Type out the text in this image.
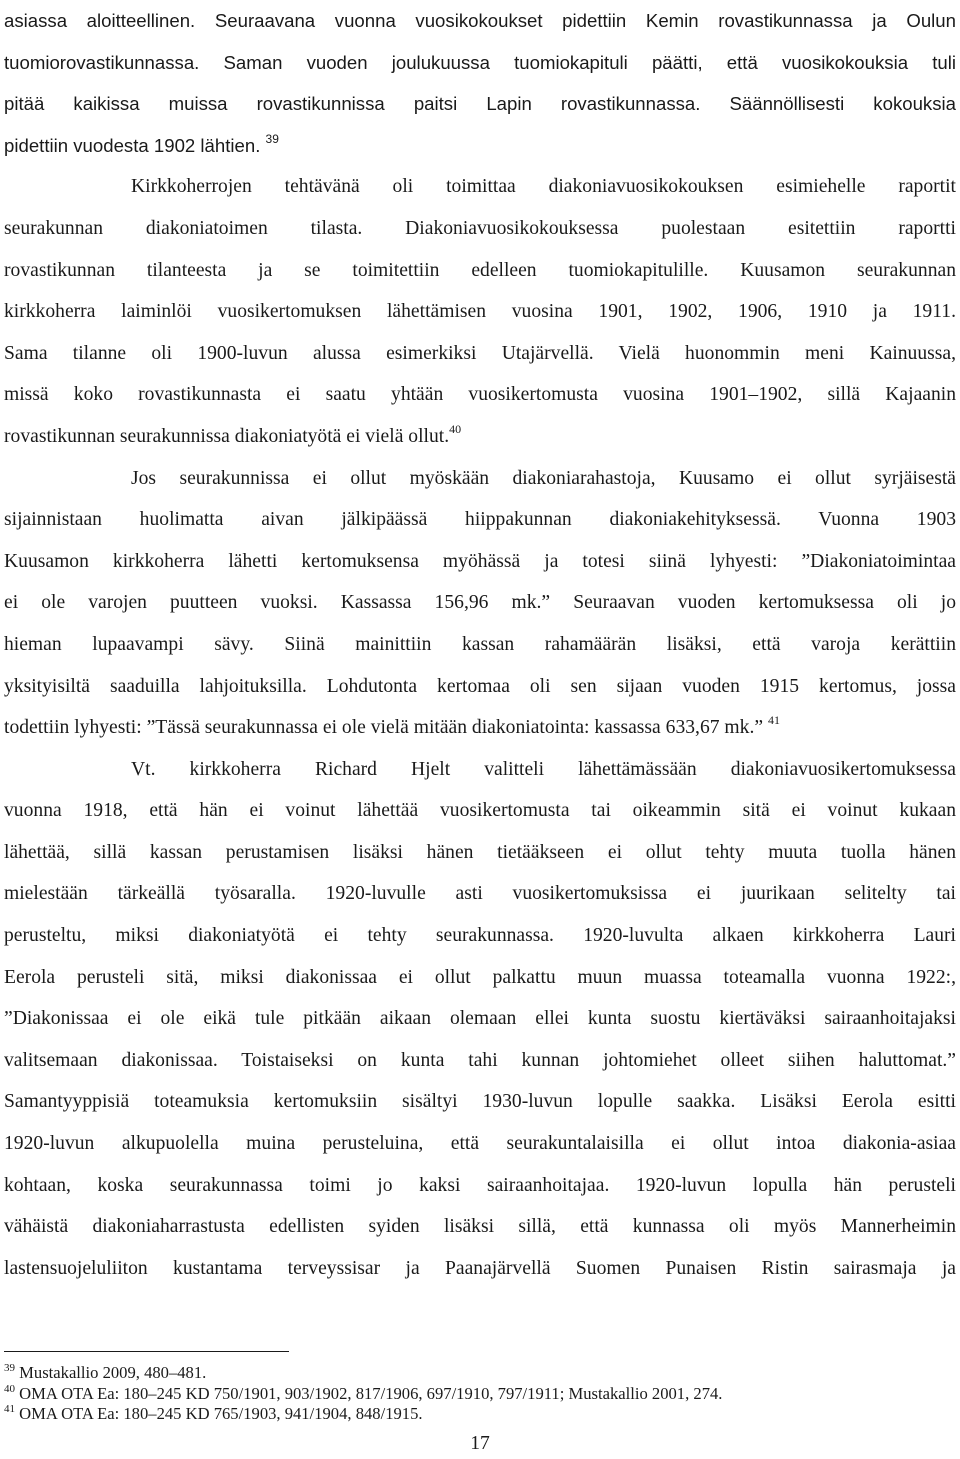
asiassa aloitteellinen. Seuraavana vuonna vuosikokoukset pidettiin Kemin rovastikunnassa ja Oulun
tuomiorovastikunnassa. Saman vuoden joulukuussa tuomiokapituli päätti, että vuosikokouksia tuli
pitää kaikissa muissa rovastikunnissa paitsi Lapin rovastikunnassa. Säännöllisesti kokouksia
pidettiin vuodesta 1902 lähtien. $^{39}$
Kirkkoherrojen tehtävänä oli toimittaa diakoniavuosikokouksen esimiehelle raportit
seurakunnan diakoniatoimen tilasta. Diakoniavuosikokouksessa puolestaan esitettiin raportti
rovastikunnan tilanteesta ja se toimitettiin edelleen tuomiokapitulille. Kuusamon seurakunnan
kirkkoherra laiminlöi vuosikertomuksen lähettämisen vuosina 1901, 1902, 1906, 1910 ja 1911.
Sama tilanne oli 1900-luvun alussa esimerkiksi Utajärvellä. Vielä huonommin meni Kainuussa,
missä koko rovastikunnasta ei saatu yhtään vuosikertomusta vuosina 1901–1902, sillä Kajaanin
rovastikunnan seurakunnissa diakoniatyötä ei vielä ollut.$^{40}$
Jos seurakunnissa ei ollut myöskään diakoniarahastoja, Kuusamo ei ollut syrjäisestä
sijainnistaan huolimatta aivan jälkipäässä hiippakunnan diakoniakehityksessä. Vuonna 1903
Kuusamon kirkkoherra lähetti kertomuksensa myöhässä ja totesi siinä lyhyesti: ”Diakoniatoimintaa
ei ole varojen puutteen vuoksi. Kassassa 156,96 mk.” Seuraavan vuoden kertomuksessa oli jo
hieman lupaavampi sävy. Siinä mainittiin kassan rahamäärän lisäksi, että varoja kerättiin
yksityisiltä saaduilla lahjoituksilla. Lohdutonta kertomaa oli sen sijaan vuoden 1915 kertomus, jossa
todettiin lyhyesti: ”Tässä seurakunnassa ei ole vielä mitään diakoniatointa: kassassa 633,67 mk.” $^{41}$
Vt. kirkkoherra Richard Hjelt valitteli lähettämässään diakoniavuosikertomuksessa
vuonna 1918, että hän ei voinut lähettää vuosikertomusta tai oikeammin sitä ei voinut kukaan
lähettää, sillä kassan perustamisen lisäksi hänen tietääkseen ei ollut tehty muuta tuolla hänen
mielestään tärkeällä työsaralla. 1920-luvulle asti vuosikertomuksissa ei juurikaan selitelty tai
perusteltu, miksi diakoniatyötä ei tehty seurakunnassa. 1920-luvulta alkaen kirkkoherra Lauri
Eerola perusteli sitä, miksi diakonissaa ei ollut palkattu muun muassa toteamalla vuonna 1922:,
”Diakonissaa ei ole eikä tule pitkään aikaan olemaan ellei kunta suostu kiertäväksi sairaanhoitajaksi
valitsemaan diakonissaa. Toistaiseksi on kunta tahi kunnan johtomiehet olleet siihen haluttomat.”
Samantyyppisiä toteamuksia kertomuksiin sisältyi 1930-luvun lopulle saakka. Lisäksi Eerola esitti
1920-luvun alkupuolella muina perusteluina, että seurakuntalaisilla ei ollut intoa diakonia-asiaa
kohtaan, koska seurakunnassa toimi jo kaksi sairaanhoitajaa. 1920-luvun lopulla hän perusteli
vähäistä diakoniaharrastusta edellisten syiden lisäksi sillä, että kunnassa oli myös Mannerheimin
lastensuojeluliiton kustantama terveyssisar ja Paanajärvellä Suomen Punaisen Ristin sairasmaja ja
$^{39}$ Mustakallio 2009, 480–481.
$^{40}$ OMA OTA Ea: 180–245 KD 750/1901, 903/1902, 817/1906, 697/1910, 797/1911; Mustakallio 2001, 274.
$^{41}$ OMA OTA Ea: 180–245 KD 765/1903, 941/1904, 848/1915.
17
